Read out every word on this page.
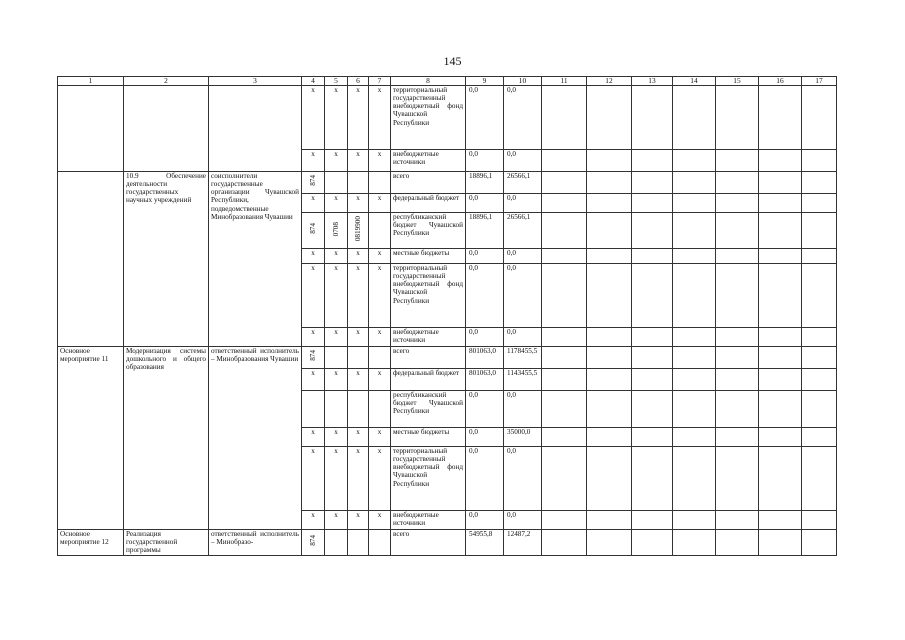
145
1	2	3	4	5	6	7	8	9	10	11	12	13	14	15	16	17
			x	x	x	x	территориальный государственный внебюджетный фонд Чувашской Республики	0,0	0,0							
			x	x	x	x	внебюджетные источники	0,0	0,0							
	10.9 Обеспечение деятельности государственных научных учреждений	соисполнители государственные организации Чувашской Республики, подведомственные Минобразования Чувашии	874				всего	18896,1	26566,1							
			x	x	x	x	федеральный бюджет	0,0	0,0							
			874	0708	0819900		республиканский бюджет Чувашской Республики	18896,1	26566,1							
			x	x	x	x	местные бюджеты	0,0	0,0							
			x	x	x	x	территориальный государственный внебюджетный фонд Чувашской Республики	0,0	0,0							
			x	x	x	x	внебюджетные источники	0,0	0,0							
Основное мероприятие 11	Модернизация системы дошкольного и общего образования	ответственный исполнитель – Минобразования Чувашии	874				всего	801063,0	1178455,5							
			x	x	x	x	федеральный бюджет	801063,0	1143455,5							
							республиканский бюджет Чувашской Республики	0,0	0,0							
			x	x	x	x	местные бюджеты	0,0	35000,0							
			x	x	x	x	территориальный государственный внебюджетный фонд Чувашской Республики	0,0	0,0							
			x	x	x	x	внебюджетные источники	0,0	0,0							
Основное мероприятие 12	Реализация государственной программы	ответственный исполнитель – Минобразо-	874				всего	54955,8	12487,2							
